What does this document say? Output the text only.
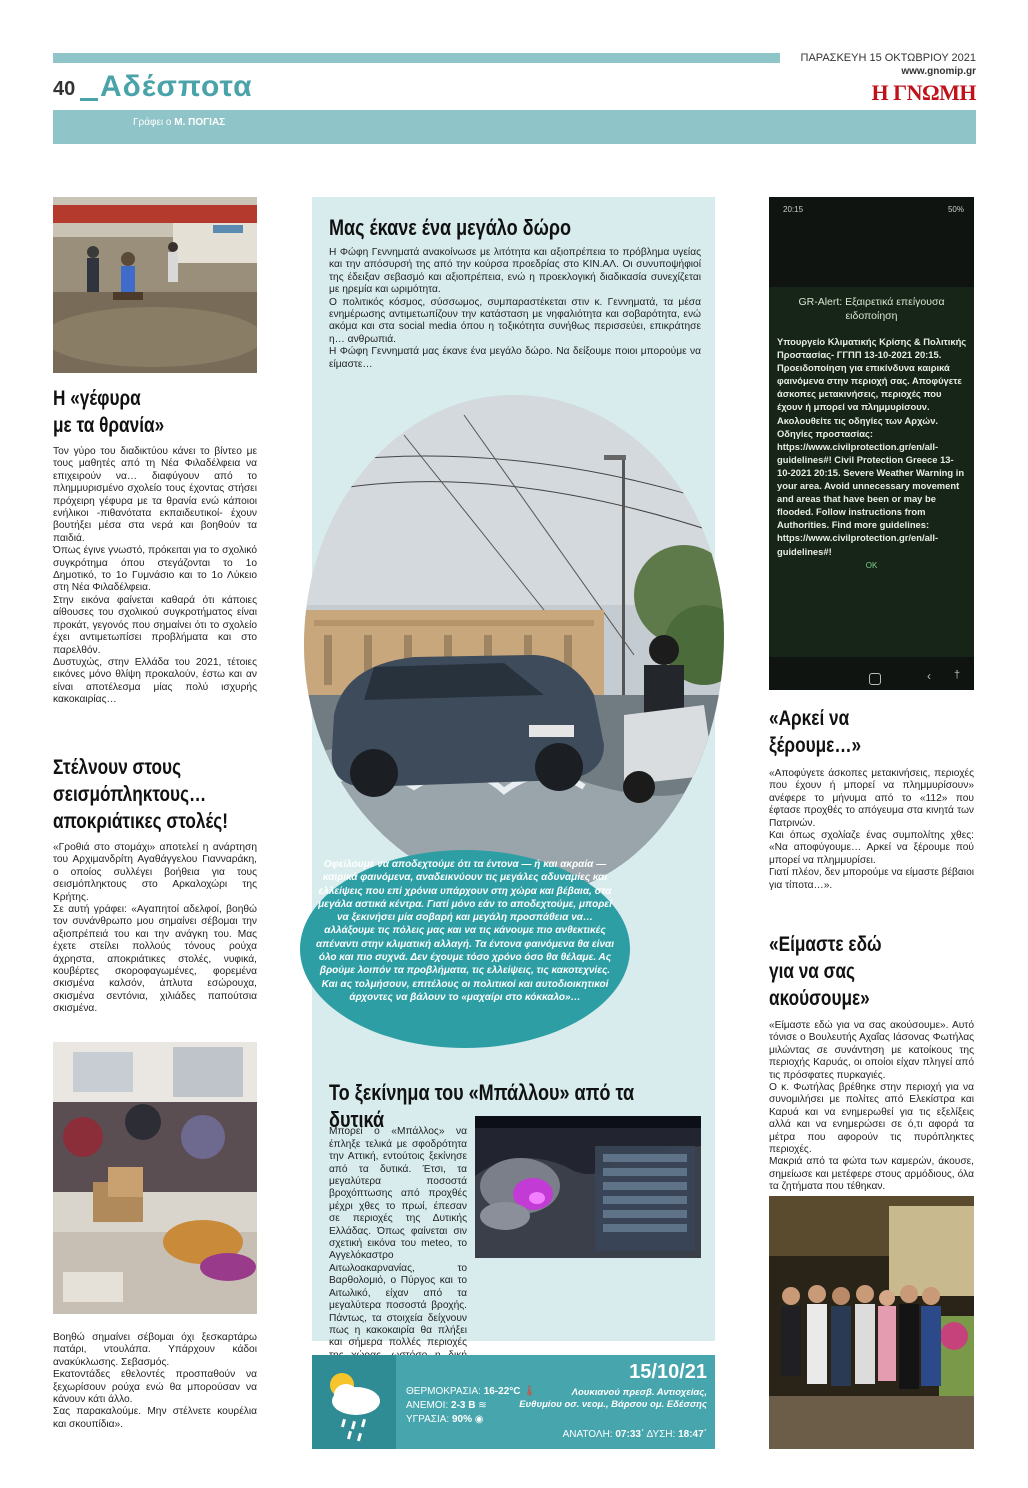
40 Αδέσποτα
ΠΑΡΑΣΚΕΥΗ 15 ΟΚΤΩΒΡΙΟΥ 2021
www.gnomip.gr
Η ΓΝΩΜΗ
Γράφει ο Μ. ΠΟΓΙΑΣ
Η «γέφυρα
με τα θρανία»
Τον γύρο του διαδικτύου κάνει το βίντεο με τους μαθητές από τη Νέα Φιλαδέλφεια να επιχειρούν να… διαφύγουν από το πλημμυρισμένο σχολείο τους έχοντας στήσει πρόχειρη γέφυρα με τα θρανία ενώ κάποιοι ενήλικοι -πιθανότατα εκπαιδευτικοί- έχουν βουτήξει μέσα στα νερά και βοηθούν τα παιδιά.
Όπως έγινε γνωστό, πρόκειται για το σχολικό συγκρότημα όπου στεγάζονται το 1ο Δημοτικό, το 1ο Γυμνάσιο και το 1ο Λύκειο στη Νέα Φιλαδέλφεια.
Στην εικόνα φαίνεται καθαρά ότι κάποιες αίθουσες του σχολικού συγκροτήματος είναι προκάτ, γεγονός που σημαίνει ότι το σχολείο έχει αντιμετωπίσει προβλήματα και στο παρελθόν.
Δυστυχώς, στην Ελλάδα του 2021, τέτοιες εικόνες μόνο θλίψη προκαλούν, έστω και αν είναι αποτέλεσμα μίας πολύ ισχυρής κακοκαιρίας…
Στέλνουν στους
σεισμόπληκτους…
αποκριάτικες στολές!
«Γροθιά στο στομάχι» αποτελεί η ανάρτηση του Αρχιμανδρίτη Αγαθάγγελου Γιανναράκη, ο οποίος συλλέγει βοήθεια για τους σεισμόπληκτους στο Αρκαλοχώρι της Κρήτης.
Σε αυτή γράφει: «Αγαπητοί αδελφοί, βοηθώ τον συνάνθρωπο μου σημαίνει σέβομαι την αξιοπρέπειά του και την ανάγκη του. Μας έχετε στείλει πολλούς τόνους ρούχα άχρηστα, αποκριάτικες στολές, νυφικά, κουβέρτες σκοροφαγωμένες, φορεμένα σκισμένα καλσόν, άπλυτα εσώρουχα, σκισμένα σεντόνια, χιλιάδες παπούτσια σκισμένα.
Βοηθώ σημαίνει σέβομαι όχι ξεσκαρτάρω πατάρι, ντουλάπα. Υπάρχουν κάδοι ανακύκλωσης. Σεβασμός.
Εκατοντάδες εθελοντές προσπαθούν να ξεχωρίσουν ρούχα ενώ θα μπορούσαν να κάνουν κάτι άλλο.
Σας παρακαλούμε. Μην στέλνετε κουρέλια και σκουπίδια».
Μας έκανε ένα μεγάλο δώρο
Η Φώφη Γεννηματά ανακοίνωσε με λιτότητα και αξιοπρέπεια το πρόβλημα υγείας και την απόσυρσή της από την κούρσα προεδρίας στο ΚΙΝ.ΑΛ. Οι συνυποψήφιοί της έδειξαν σεβασμό και αξιοπρέπεια, ενώ η προεκλογική διαδικασία συνεχίζεται με ηρεμία και ωριμότητα.
Ο πολιτικός κόσμος, σύσσωμος, συμπαραστέκεται στιν κ. Γεννηματά, τα μέσα ενημέρωσης αντιμετωπίζουν την κατάσταση με νηφαλιότητα και σοβαρότητα, ενώ ακόμα και στα social media όπου η τοξικότητα συνήθως περισσεύει, επικράτησε η… ανθρωπιά.
Η Φώφη Γεννηματά μας έκανε ένα μεγάλο δώρο. Να δείξουμε ποιοι μπορούμε να είμαστε…
Οφείλουμε να αποδεχτούμε ότι τα έντονα — ή και ακραία — καιρικά φαινόμενα, αναδεικνύουν τις μεγάλες αδυναμίες και ελλείψεις που επί χρόνια υπάρχουν στη χώρα και βέβαια, στα μεγάλα αστικά κέντρα. Γιατί μόνο εάν το αποδεχτούμε, μπορεί να ξεκινήσει μία σοβαρή και μεγάλη προσπάθεια να… αλλάξουμε τις πόλεις μας και να τις κάνουμε πιο ανθεκτικές απέναντι στην κλιματική αλλαγή. Τα έντονα φαινόμενα θα είναι όλο και πιο συχνά. Δεν έχουμε τόσο χρόνο όσο θα θέλαμε. Ας βρούμε λοιπόν τα προβλήματα, τις ελλείψεις, τις κακοτεχνίες. Και ας τολμήσουν, επιτέλους οι πολιτικοί και αυτοδιοικητικοί άρχοντες να βάλουν το «μαχαίρι στο κόκκαλο»…
Το ξεκίνημα του «Μπάλλου» από τα δυτικά

Μπορεί ο «Μπάλλος» να έπληξε τελικά με σφοδρότητα την Αττική, εντούτοις ξεκίνησε από τα δυτικά. Έτσι, τα μεγαλύτερα ποσοστά βροχόπτωσης από προχθές μέχρι χθες το πρωί, έπεσαν σε περιοχές της Δυτικής Ελλάδας. Όπως φαίνεται σιν σχετική εικόνα του meteo, το Αγγελόκαστρο Αιτωλοακαρνανίας, το Βαρθολομιό, ο Πύργος και το Αιτωλικό, είχαν από τα μεγαλύτερα ποσοστά βροχής. Πάντως, τα στοιχεία δείχνουν πως η κακοκαιρία θα πλήξει και σήμερα πολλές περιοχές

ΘΕΡΜΟΚΡΑΣΙΑ: 16-22°C 🌡
ΑΝΕΜΟΙ: 2-3 Β ≋
ΥΓΡΑΣΙΑ: 90% ◉
15/10/21
Λουκιανού πρεσβ. Αντιοχείας,
Ευθυμίου οσ. νεομ., Βάρσου ομ. Εδέσσης
ΑΝΑΤΟΛΗ: 07:33΄ ΔΥΣΗ: 18:47΄
20:15	50%
GR-Alert: Εξαιρετικά επείγουσα
ειδοποίηση
Υπουργείο Κλιματικής Κρίσης & Πολιτικής Προστασίας- ΓΓΠΠ 13-10-2021 20:15. Προειδοποίηση για επικίνδυνα καιρικά φαινόμενα στην περιοχή σας. Αποφύγετε άσκοπες μετακινήσεις, περιοχές που έχουν ή μπορεί να πλημμυρίσουν. Ακολουθείτε τις οδηγίες των Αρχών. Οδηγίες προστασίας: https://www.civilprotection.gr/en/all-guidelines#! Civil Protection Greece 13-10-2021 20:15. Severe Weather Warning in your area. Avoid unnecessary movement and areas that have been or may be flooded. Follow instructions from Authorities. Find more guidelines: https://www.civilprotection.gr/en/all-guidelines#!
OK
‹ †
«Αρκεί να
ξέρουμε…»
«Αποφύγετε άσκοπες μετακινήσεις, περιοχές που έχουν ή μπορεί να πλημμυρίσουν» ανέφερε το μήνυμα από το «112» που έφτασε προχθές το απόγευμα στα κινητά των Πατρινών.
Και όπως σχολίαζε ένας συμπολίτης χθες: «Να αποφύγουμε… Αρκεί να ξέρουμε πού μπορεί να πλημμυρίσει.
Γιατί πλέον, δεν μπορούμε να είμαστε βέβαιοι για τίποτα…».
«Είμαστε εδώ
για να σας
ακούσουμε»
«Είμαστε εδώ για να σας ακούσουμε». Αυτό τόνισε ο Βουλευτής Αχαΐας Ιάσονας Φωτήλας μιλώντας σε συνάντηση με κατοίκους της περιοχής Καρυάς, οι οποίοι είχαν πληγεί από τις πρόσφατες πυρκαγιές.
Ο κ. Φωτήλας βρέθηκε στην περιοχή για να συνομιλήσει με πολίτες από Ελεκίστρα και Καρυά και να ενημερωθεί για τις εξελίξεις αλλά και να ενημερώσει σε ό,τι αφορά τα μέτρα που αφορούν τις πυρόπληκτες περιοχές.
Μακριά από τα φώτα των καμερών, άκουσε, σημείωσε και μετέφερε στους αρμόδιους, όλα τα ζητήματα που τέθηκαν.
